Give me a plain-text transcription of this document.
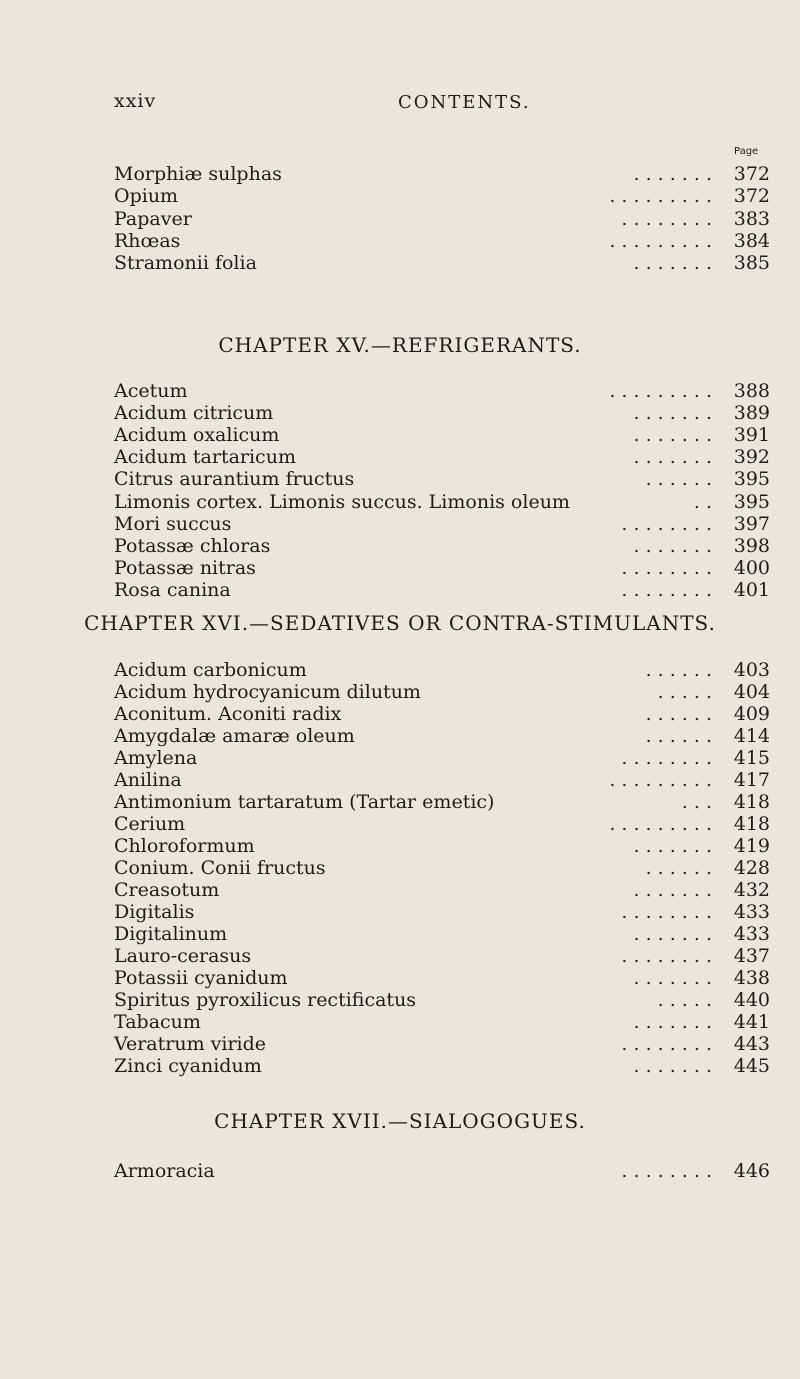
xxiv	CONTENTS.
Page
Morphiæ sulphas	. . . . . . .	372
Opium	. . . . . . . . .	372
Papaver	. . . . . . . .	383
Rhœas	. . . . . . . . .	384
Stramonii folia	. . . . . . .	385
CHAPTER XV.—REFRIGERANTS.
Acetum	. . . . . . . . .	388
Acidum citricum	. . . . . . .	389
Acidum oxalicum	. . . . . . .	391
Acidum tartaricum	. . . . . . .	392
Citrus aurantium fructus	. . . . . .	395
Limonis cortex. Limonis succus. Limonis oleum	. .	395
Mori succus	. . . . . . . .	397
Potassæ chloras	. . . . . . .	398
Potassæ nitras	. . . . . . . .	400
Rosa canina	. . . . . . . .	401
CHAPTER XVI.—SEDATIVES OR CONTRA-STIMULANTS.
Acidum carbonicum	. . . . . .	403
Acidum hydrocyanicum dilutum	. . . . .	404
Aconitum. Aconiti radix	. . . . . .	409
Amygdalæ amaræ oleum	. . . . . .	414
Amylena	. . . . . . . .	415
Anilina	. . . . . . . . .	417
Antimonium tartaratum (Tartar emetic)	. . .	418
Cerium	. . . . . . . . .	418
Chloroformum	. . . . . . .	419
Conium. Conii fructus	. . . . . .	428
Creasotum	. . . . . . .	432
Digitalis	. . . . . . . .	433
Digitalinum	. . . . . . .	433
Lauro-cerasus	. . . . . . . .	437
Potassii cyanidum	. . . . . . .	438
Spiritus pyroxilicus rectificatus	. . . . .	440
Tabacum	. . . . . . .	441
Veratrum viride	. . . . . . . .	443
Zinci cyanidum	. . . . . . .	445
CHAPTER XVII.—SIALOGOGUES.
Armoracia	. . . . . . . .	446
